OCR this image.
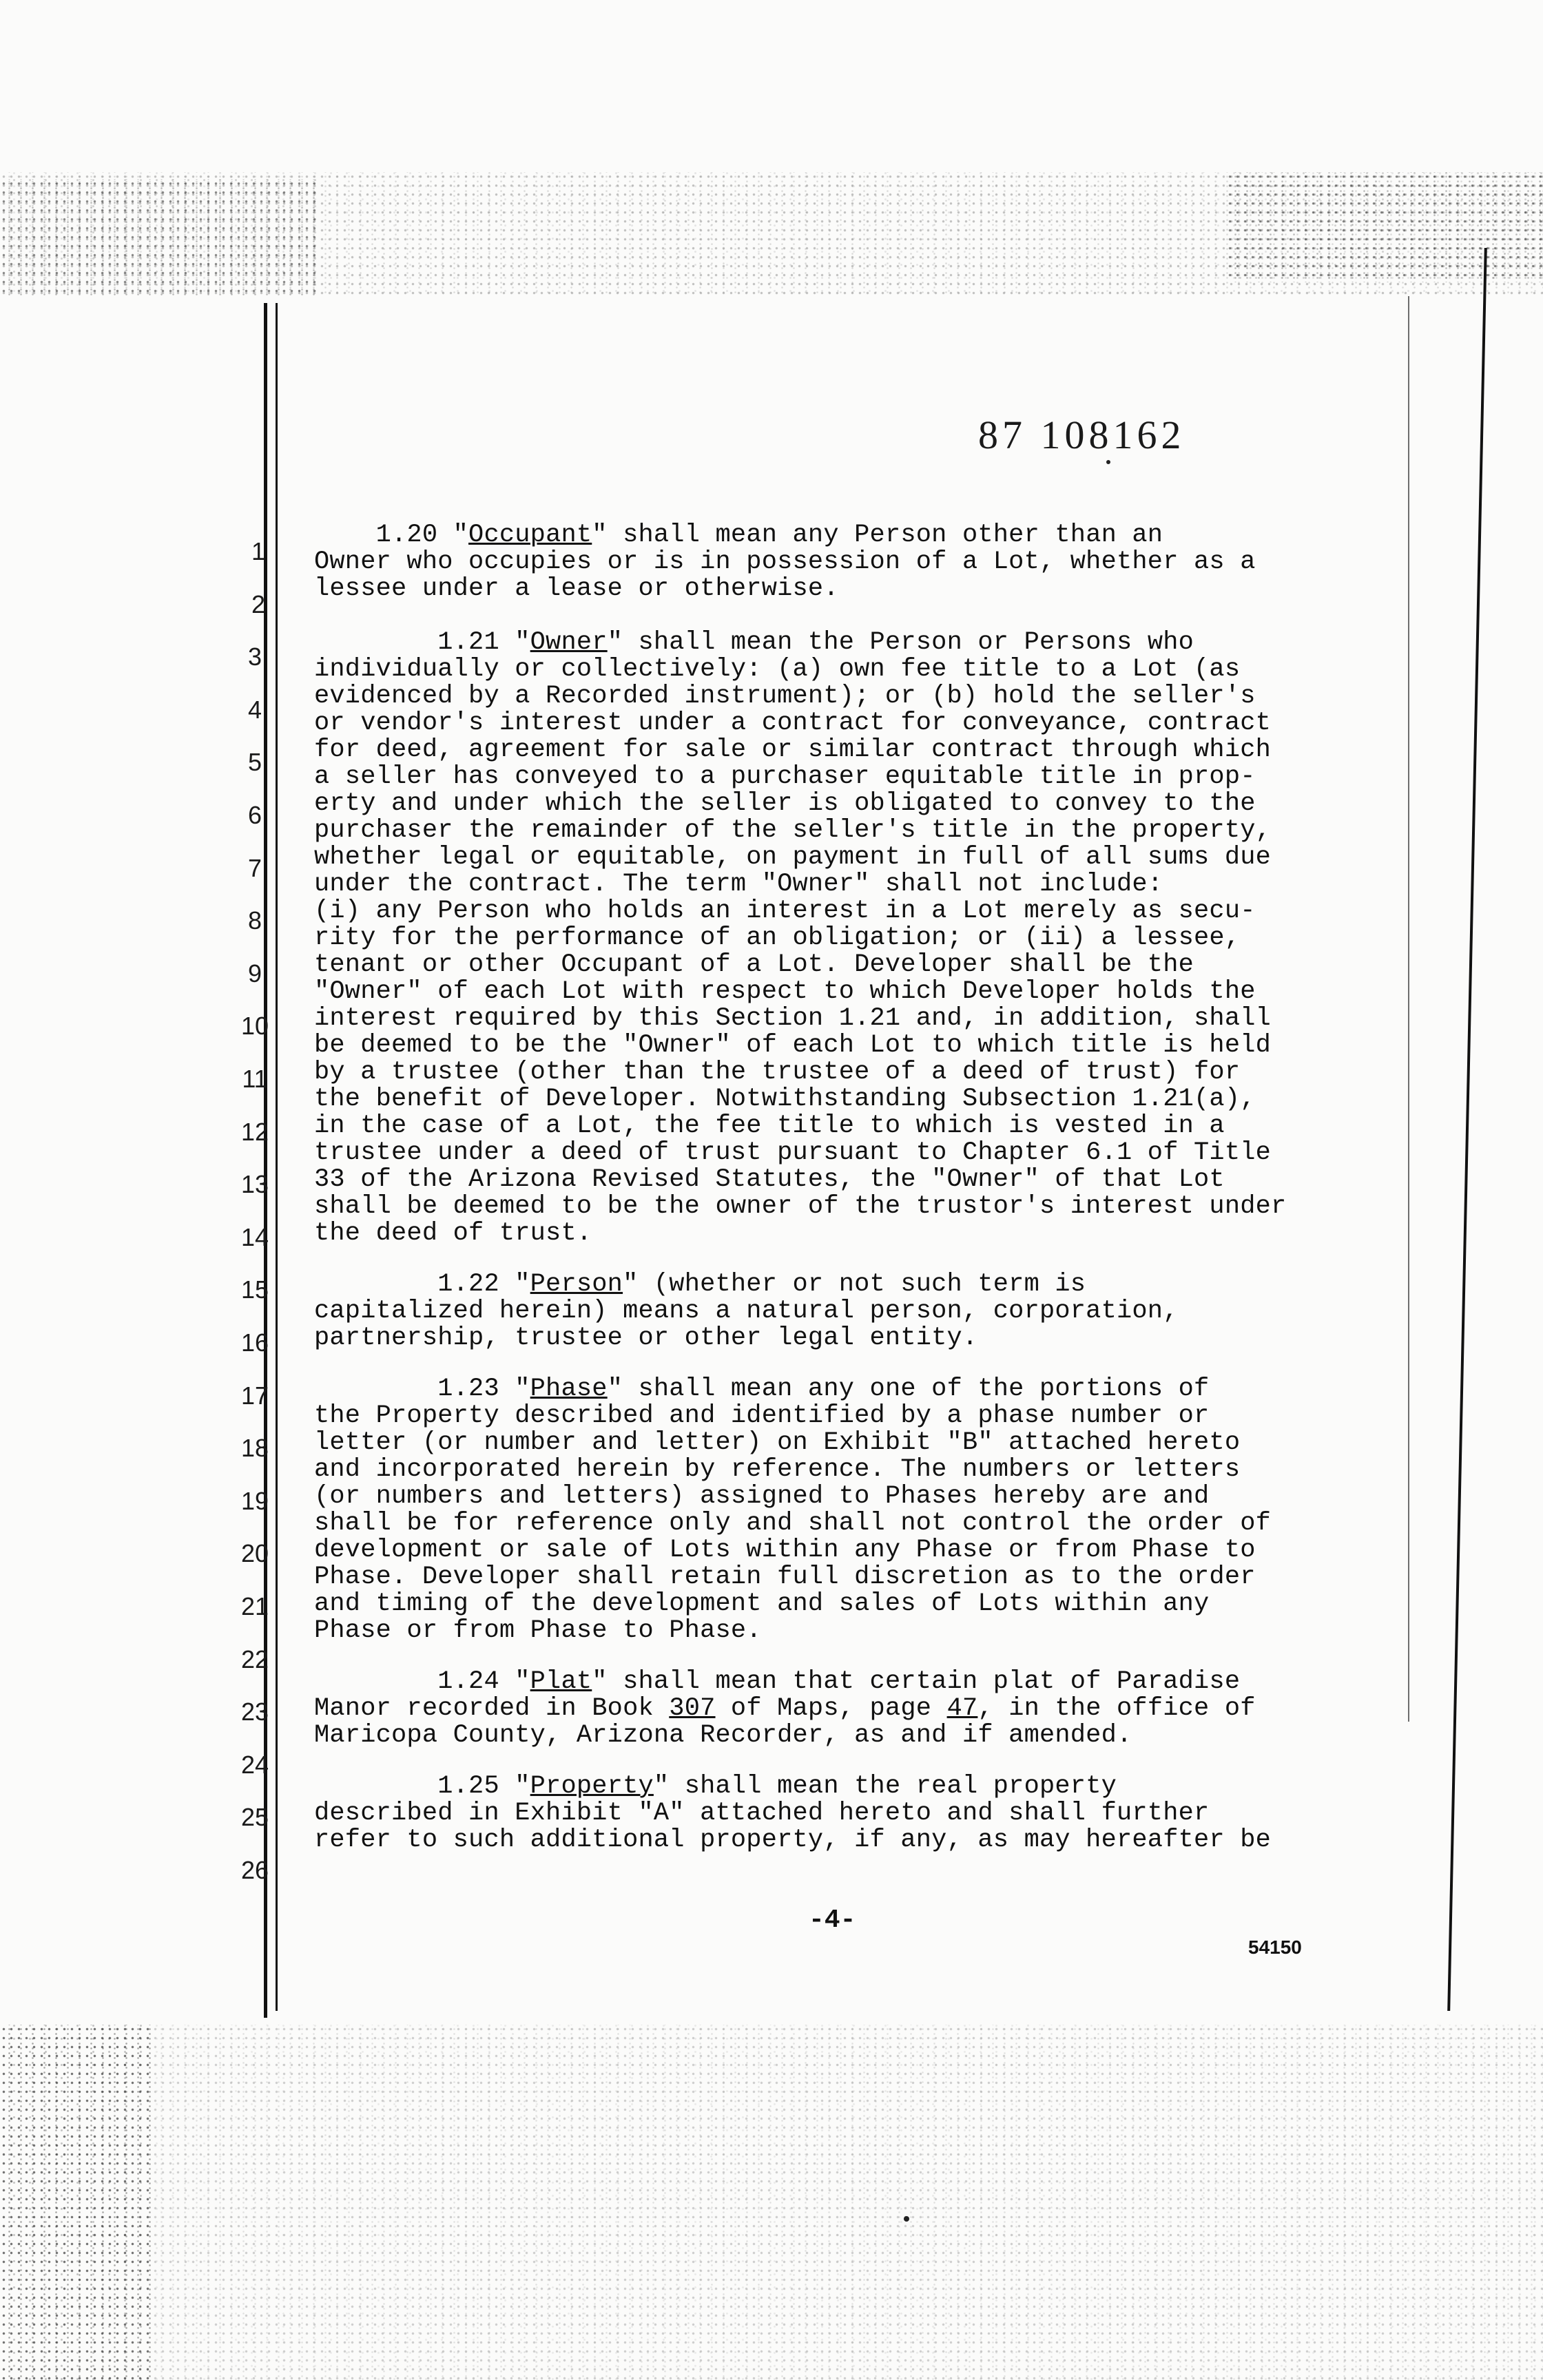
87 108162
1
2
3
4
5
6
7
8
9
10
11
12
13
14
15
16
17
18
19
20
21
22
23
24
25
26
1.20 "Occupant" shall mean any Person other than an
Owner who occupies or is in possession of a Lot, whether as a
lessee under a lease or otherwise.
1.21 "Owner" shall mean the Person or Persons who
individually or collectively: (a) own fee title to a Lot (as
evidenced by a Recorded instrument); or (b) hold the seller's
or vendor's interest under a contract for conveyance, contract
for deed, agreement for sale or similar contract through which
a seller has conveyed to a purchaser equitable title in prop-
erty and under which the seller is obligated to convey to the
purchaser the remainder of the seller's title in the property,
whether legal or equitable, on payment in full of all sums due
under the contract. The term "Owner" shall not include:
(i) any Person who holds an interest in a Lot merely as secu-
rity for the performance of an obligation; or (ii) a lessee,
tenant or other Occupant of a Lot. Developer shall be the
"Owner" of each Lot with respect to which Developer holds the
interest required by this Section 1.21 and, in addition, shall
be deemed to be the "Owner" of each Lot to which title is held
by a trustee (other than the trustee of a deed of trust) for
the benefit of Developer. Notwithstanding Subsection 1.21(a),
in the case of a Lot, the fee title to which is vested in a
trustee under a deed of trust pursuant to Chapter 6.1 of Title
33 of the Arizona Revised Statutes, the "Owner" of that Lot
shall be deemed to be the owner of the trustor's interest under
the deed of trust.
1.22 "Person" (whether or not such term is
capitalized herein) means a natural person, corporation,
partnership, trustee or other legal entity.
1.23 "Phase" shall mean any one of the portions of
the Property described and identified by a phase number or
letter (or number and letter) on Exhibit "B" attached hereto
and incorporated herein by reference. The numbers or letters
(or numbers and letters) assigned to Phases hereby are and
shall be for reference only and shall not control the order of
development or sale of Lots within any Phase or from Phase to
Phase. Developer shall retain full discretion as to the order
and timing of the development and sales of Lots within any
Phase or from Phase to Phase.
1.24 "Plat" shall mean that certain plat of Paradise
Manor recorded in Book 307 of Maps, page 47, in the office of
Maricopa County, Arizona Recorder, as and if amended.
1.25 "Property" shall mean the real property
described in Exhibit "A" attached hereto and shall further
refer to such additional property, if any, as may hereafter be
-4-
54150
